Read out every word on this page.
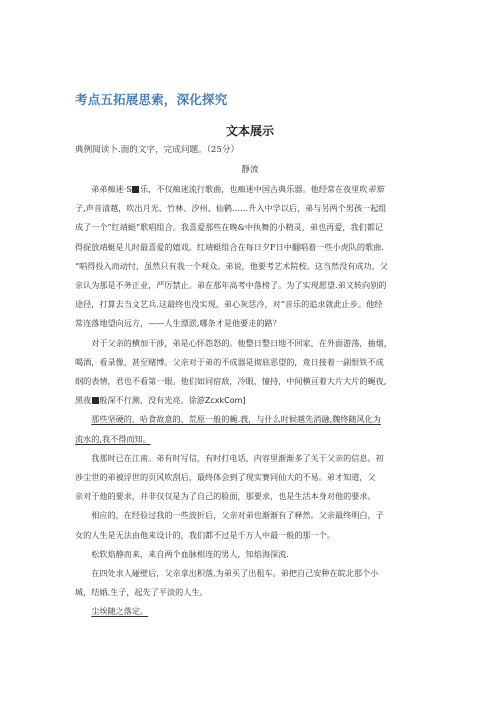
考点五拓展思索，深化探究
文本展示
典例阅读卜.面的文字，完成问题。（25分）
静流
弟弟痴迷·S 乐，不仅痴迷流行歌曲，也痴迷中国古典乐器。他经常在夜里吹弟笳
子,声音清越，吹出月光、竹林、汐州、仙鹤……升入中学以后，弟与另两个男孩一起组
成了一个“红靖蜓”歌唱组合。我喜爱那些在晚&中执舞的小精灵，弟也再爱，我们都记
得捉放靖蜓是儿时最喜爱的嬉戏。红靖蜓组合在每日夕F日中翻唱着一些小虎队的歌曲.
“唱得投入而动忖，虽然只有我一个观众。弟说，他要考艺术院校。这当然没有成功，父
亲认为那是不务正业，严厉禁止。弟在那年高考中落榜了。为了实现愿望.弟又转向别的
途径，打算去当文艺兵.这最终也没实现。弟心灰恁冷，对“音乐的追求就此止步。他经
常连落地望向远方，——人生漂淤,哪条才是他要走的路？
对于父亲的横加干涉，弟是心怀怨怒的。他整日整日地不回家，在外面游荡，抽烟，
喝酒，看录像，甚至赌博。父亲对于弟的不成器是彻底恶望的，竟日接着一副恨铁不成
纲的表情，君也不看第一眼。他们如同宿敌，冷眼，憧持，中间横亘着大片大片的蝇夜,
黑夜 般深不行测，没有光亮。徐游ZcxkCom]
那些坚硬的、哈食故意的、荒原一般的蝇.莪，与什么时候越先消融,魏终随风化为
流水的,我不得而知。
我那时已在江南。弟有时写信，有时打电话，内容里渐渐多了关于父亲的信息。初
涉尘世的弟被浮世的页风吹刮后，最终体会到了现实赛同仙大的不易。弟才知道，父
亲对于他的要求，并非仅仅是为了自己的脸面，那要求，也是生活本身对他的要求。
相应的，在经验过我的一些波折后，父亲对弟也渐渐有了释然。父亲最终明白，子
女的人生是无法由他来设计的，我们都不过是千万人中最一般的那一个。
松软焰静而来，来自两个血脉相连的男人，知焰海深流.
在四处求人碰壁后，父亲拿出积落,为弟买了出租车。弟把自己安种在皖北那个小
城，结婚.生子，起先了平淡的人生。
尘埃随之落定。
